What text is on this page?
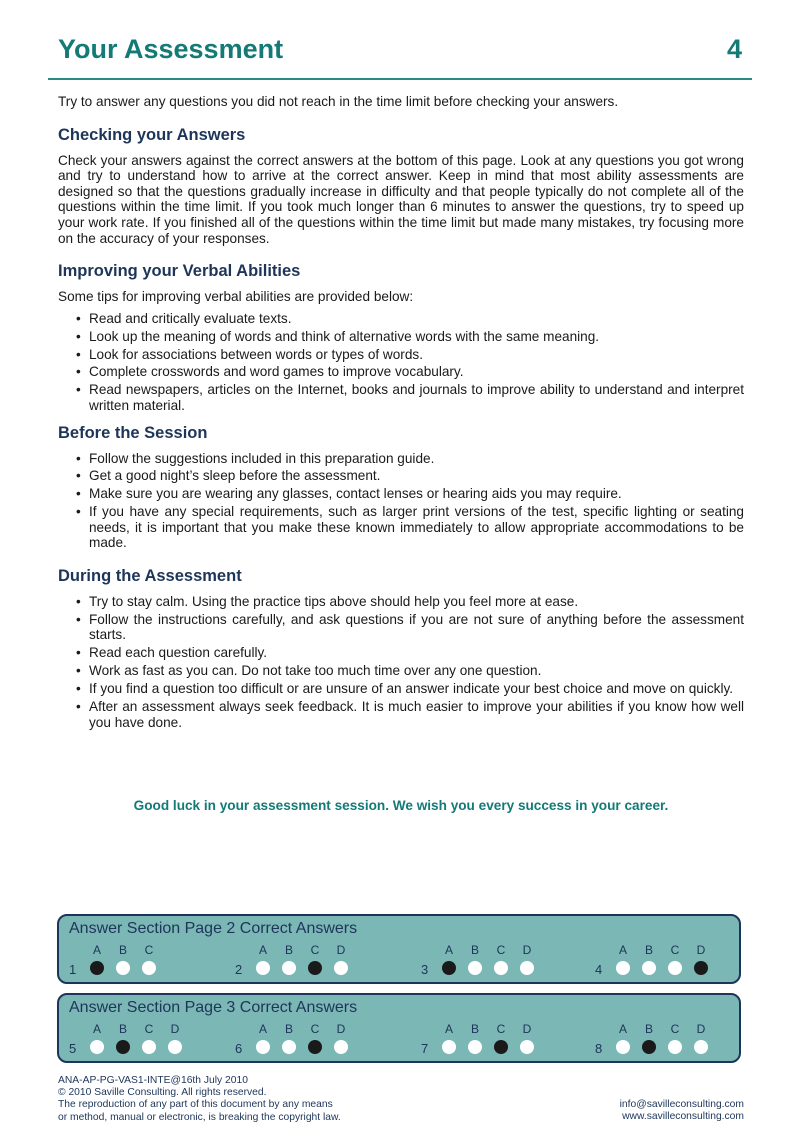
Your Assessment	4

Try to answer any questions you did not reach in the time limit before checking your answers.

Checking your Answers

Check your answers against the correct answers at the bottom of this page. Look at any questions you got wrong and try to understand how to arrive at the correct answer. Keep in mind that most ability assessments are designed so that the questions gradually increase in difficulty and that people typically do not complete all of the questions within the time limit. If you took much longer than 6 minutes to answer the questions, try to speed up your work rate. If you finished all of the questions within the time limit but made many mistakes, try focusing more on the accuracy of your responses.

Improving your Verbal Abilities

Some tips for improving verbal abilities are provided below:

• Read and critically evaluate texts.
• Look up the meaning of words and think of alternative words with the same meaning.
• Look for associations between words or types of words.
• Complete crosswords and word games to improve vocabulary.
• Read newspapers, articles on the Internet, books and journals to improve ability to understand and interpret written material.
Before the Session
• Follow the suggestions included in this preparation guide.
• Get a good night’s sleep before the assessment.
• Make sure you are wearing any glasses, contact lenses or hearing aids you may require.
• If you have any special requirements, such as larger print versions of the test, specific lighting or seating needs, it is important that you make these known immediately to allow appropriate accommodations to be made.
During the Assessment
• Try to stay calm. Using the practice tips above should help you feel more at ease.
• Follow the instructions carefully, and ask questions if you are not sure of anything before the assessment starts.
• Read each question carefully.
• Work as fast as you can. Do not take too much time over any one question.
• If you find a question too difficult or are unsure of an answer indicate your best choice and move on quickly.
• After an assessment always seek feedback. It is much easier to improve your abilities if you know how well you have done.
Good luck in your assessment session. We wish you every success in your career.
Answer Section Page 2 Correct Answers
1
A B C
2
A B C D
3
A B C D
4
A B C D
Answer Section Page 3 Correct Answers
5
A B C D
6
A B C D
7
A B C D
8
A B C D
ANA-AP-PG-VAS1-INTE@16th July 2010
© 2010 Saville Consulting. All rights reserved.
The reproduction of any part of this document by any means
or method, manual or electronic, is breaking the copyright law.
info@savilleconsulting.com
www.savilleconsulting.com
